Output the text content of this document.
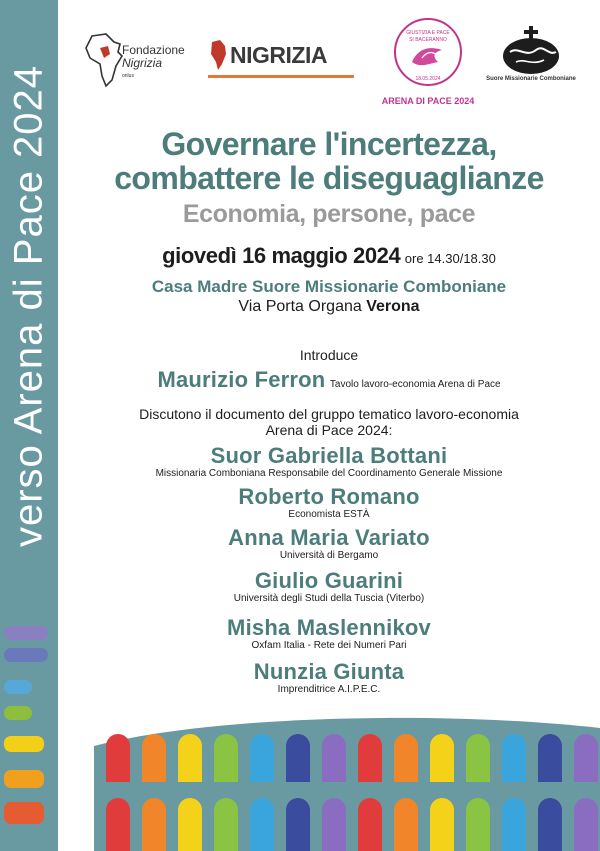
verso Arena di Pace 2024
Fondazione
Nigrizia
onlus
NIGRIZIA
GIUSTIZIA E PACE
SI BACERANNO
18.05.2024
ARENA DI PACE 2024
Suore Missionarie Comboniane
Governare l'incertezza,
combattere le diseguaglianze
Economia, persone, pace
giovedì 16 maggio 2024 ore 14.30/18.30
Casa Madre Suore Missionarie Comboniane
Via Porta Organa Verona
Introduce
Maurizio Ferron Tavolo lavoro-economia Arena di Pace
Discutono il documento del gruppo tematico lavoro-economia
Arena di Pace 2024:
Suor Gabriella Bottani
Missionaria Comboniana Responsabile del Coordinamento Generale Missione
Roberto Romano
Economista ESTÀ
Anna Maria Variato
Università di Bergamo
Giulio Guarini
Università degli Studi della Tuscia (Viterbo)
Misha Maslennikov
Oxfam Italia - Rete dei Numeri Pari
Nunzia Giunta
Imprenditrice A.I.P.E.C.
